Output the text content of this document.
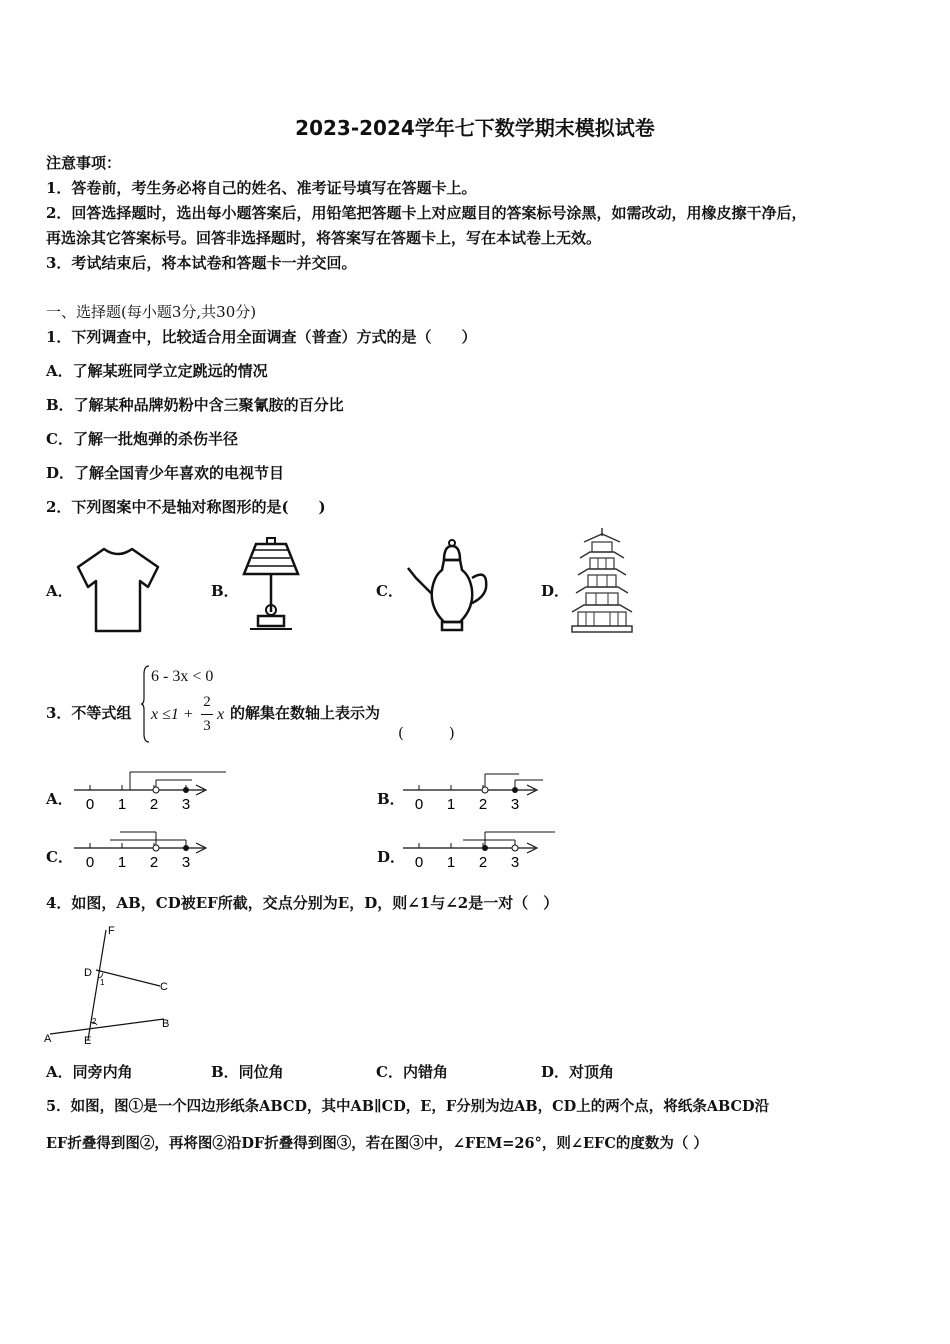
2023-2024学年七下数学期末模拟试卷
注意事项：
1．答卷前，考生务必将自己的姓名、准考证号填写在答题卡上。
2．回答选择题时，选出每小题答案后，用铅笔把答题卡上对应题目的答案标号涂黑，如需改动，用橡皮擦干净后，
再选涂其它答案标号。回答非选择题时，将答案写在答题卡上，写在本试卷上无效。
3．考试结束后，将本试卷和答题卡一并交回。
一、选择题(每小题3分,共30分)
1．下列调查中，比较适合用全面调查（普查）方式的是（　　）
A．了解某班同学立定跳远的情况
B．了解某种品牌奶粉中含三聚氰胺的百分比
C．了解一批炮弹的杀伤半径
D．了解全国青少年喜欢的电视节目
2．下列图案中不是轴对称图形的是(　　)
A．	B．	C．	D．
3．不等式组
6 - 3x < 0
x ≤1 +
2
3
x 的解集在数轴上表示为
(　　　)
A． 0 1 2 3	B． 0 1 2 3
C． 0 1 2 3	D． 0 1 2 3
4．如图，AB，CD被EF所截，交点分别为E，D，则∠1与∠2是一对（　）
F
D
C
A	E
B
1
2
A．同旁内角	B．同位角	C．内错角	D．对顶角
5．如图，图①是一个四边形纸条ABCD，其中AB∥CD，E，F分别为边AB，CD上的两个点，将纸条ABCD沿
EF折叠得到图②，再将图②沿DF折叠得到图③，若在图③中，∠FEM=26°，则∠EFC的度数为（ ）
